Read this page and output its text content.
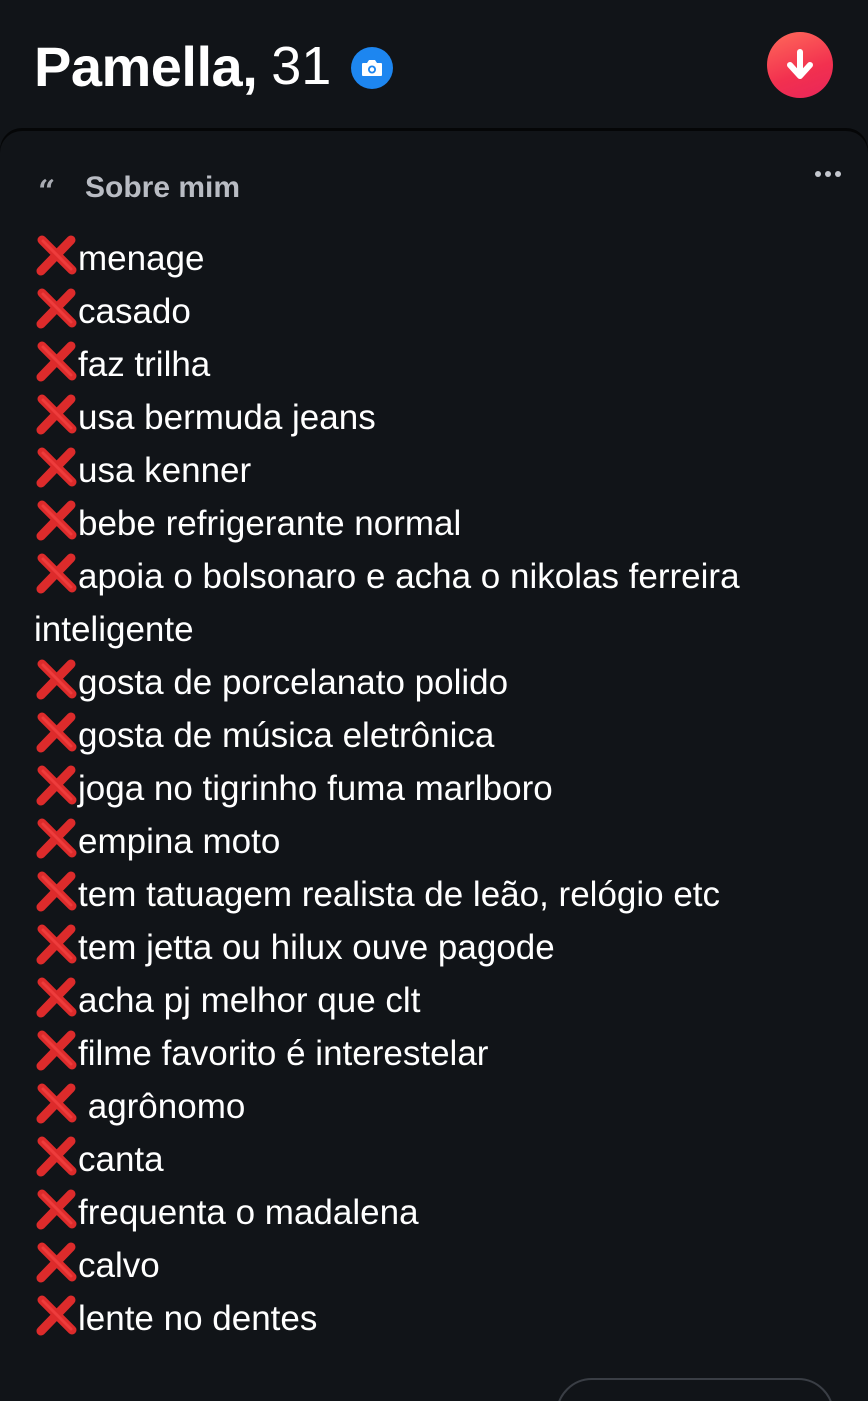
Pamella, 31
“ Sobre mim
menage
casado
faz trilha
usa bermuda jeans
usa kenner
bebe refrigerante normal
apoia o bolsonaro e acha o nikolas ferreira inteligente
gosta de porcelanato polido
gosta de música eletrônica
joga no tigrinho fuma marlboro
empina moto
tem tatuagem realista de leão, relógio etc
tem jetta ou hilux ouve pagode
acha pj melhor que clt
filme favorito é interestelar
agrônomo
canta
frequenta o madalena
calvo
lente no dentes
